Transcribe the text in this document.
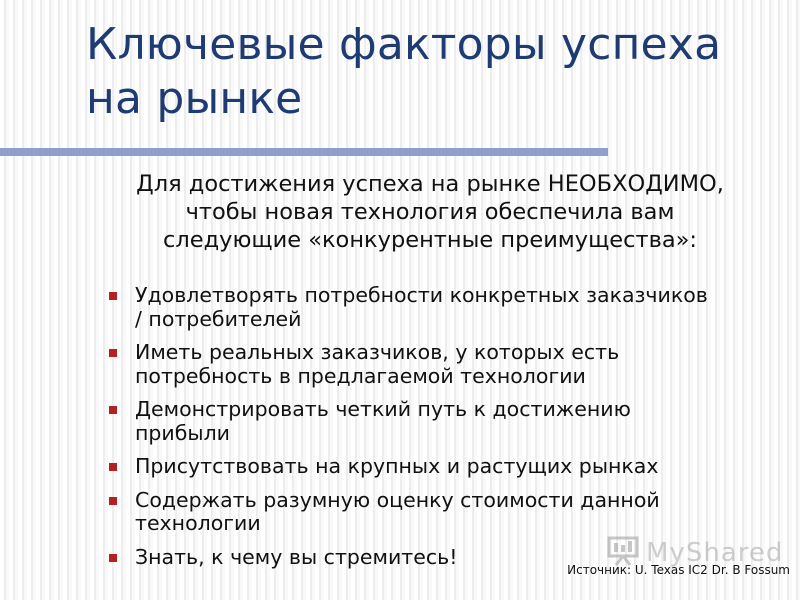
Ключевые факторы успеха
на рынке

Для достижения успеха на рынке НЕОБХОДИМО,
чтобы новая технология обеспечила вам
следующие «конкурентные преимущества»:

Удовлетворять потребности конкретных заказчиков
/ потребителей
Иметь реальных заказчиков, у которых есть
потребность в предлагаемой технологии
Демонстрировать четкий путь к достижению
прибыли
Присутствовать на крупных и растущих рынках
Содержать разумную оценку стоимости данной
технологии
Знать, к чему вы стремитесь!	MyShared
Источник: U. Texas IC2 Dr. B Fossum
